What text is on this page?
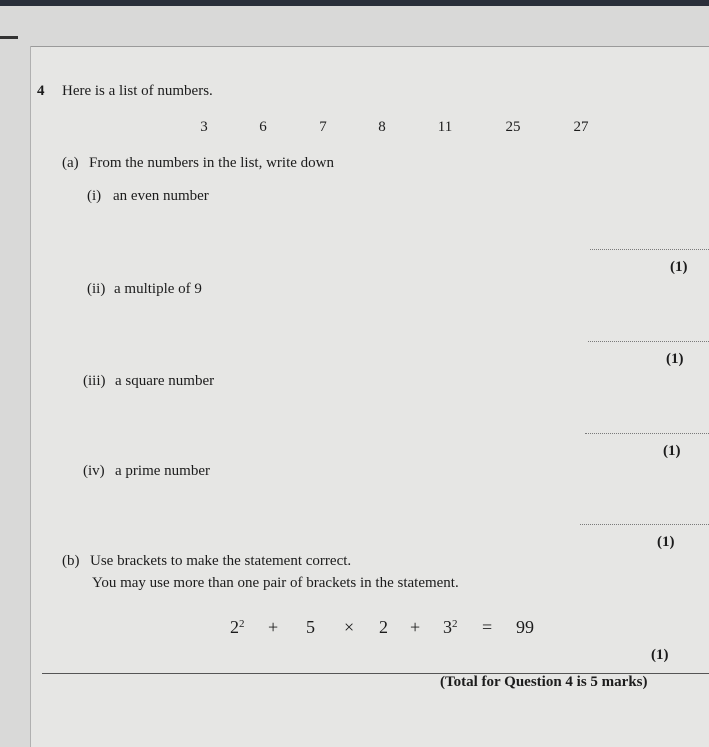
4 Here is a list of numbers.
3	6	7	8	11	25	27
(a) From the numbers in the list, write down
(i) an even number
(1)
(ii) a multiple of 9
(1)
(iii) a square number
(1)
(iv) a prime number
(1)
(b) Use brackets to make the statement correct.
You may use more than one pair of brackets in the statement.
$2^2 + 5 \times 2 + 3^2 = 99$
(1)
(Total for Question 4 is 5 marks)
